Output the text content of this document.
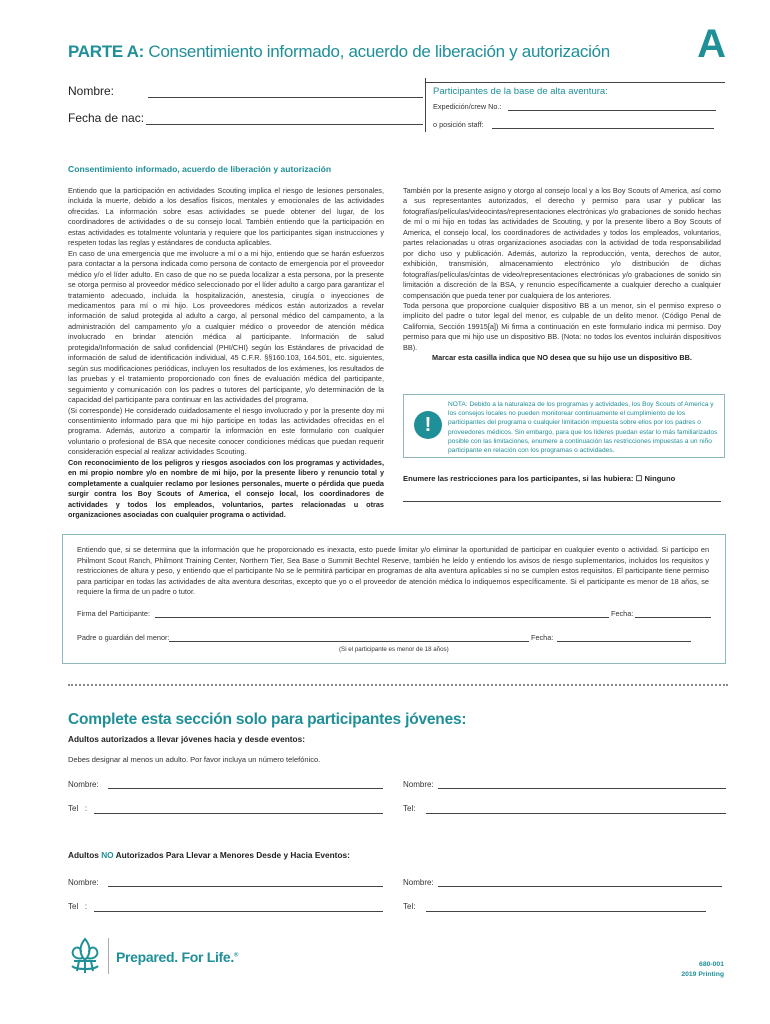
PARTE A: Consentimiento informado, acuerdo de liberación y autorización A
Nombre:
Fecha de nac:
Participantes de la base de alta aventura:
Expedición/crew No.:
o posición staff:
Consentimiento informado, acuerdo de liberación y autorización

Entiendo que la participación en actividades Scouting implica el riesgo de lesiones personales, incluida la muerte, debido a los desafíos físicos, mentales y emocionales de las actividades ofrecidas. La información sobre esas actividades se puede obtener del lugar, de los coordinadores de actividades o de su consejo local. También entiendo que la participación en estas actividades es totalmente voluntaria y requiere que los participantes sigan instrucciones y respeten todas las reglas y estándares de conducta aplicables.

En caso de una emergencia que me involucre a mí o a mi hijo, entiendo que se harán esfuerzos para contactar a la persona indicada como persona de contacto de emergencia por el proveedor médico y/o el líder adulto. En caso de que no se pueda localizar a esta persona, por la presente se otorga permiso al proveedor médico seleccionado por el líder adulto a cargo para garantizar el tratamiento adecuado, incluida la hospitalización, anestesia, cirugía o inyecciones de medicamentos para mí o mi hijo. Los proveedores médicos están autorizados a revelar información de salud protegida al adulto a cargo, al personal médico del campamento, a la administración del campamento y/o a cualquier médico o proveedor de atención médica involucrado en brindar atención médica al participante. Información de salud protegida/Información de salud confidencial (PHI/CHI) según los Estándares de privacidad de información de salud de identificación individual, 45 C.F.R. §§160.103, 164.501, etc. siguientes, según sus modificaciones periódicas, incluyen los resultados de los exámenes, los resultados de las pruebas y el tratamiento proporcionado con fines de evaluación médica del participante, seguimiento y comunicación con los padres o tutores del participante, y/o determinación de la capacidad del participante para continuar en las actividades del programa.

(Si corresponde) He considerado cuidadosamente el riesgo involucrado y por la presente doy mi consentimiento informado para que mi hijo participe en todas las actividades ofrecidas en el programa. Además, autorizo a compartir la información en este formulario con cualquier voluntario o profesional de BSA que necesite conocer condiciones médicas que puedan requerir consideración especial al realizar actividades Scouting.

Con reconocimiento de los peligros y riesgos asociados con los programas y actividades, en mi propio nombre y/o en nombre de mi hijo, por la presente libero y renuncio total y completamente a cualquier reclamo por lesiones personales, muerte o pérdida que pueda surgir contra los Boy Scouts of America, el consejo local, los coordinadores de actividades y todos los empleados, voluntarios, partes relacionadas u otras organizaciones asociadas con cualquier programa o actividad.

También por la presente asigno y otorgo al consejo local y a los Boy Scouts of America, así como a sus representantes autorizados, el derecho y permiso para usar y publicar las fotografías/películas/videocintas/representaciones electrónicas y/o grabaciones de sonido hechas de mí o mi hijo en todas las actividades de Scouting, y por la presente libero a Boy Scouts of America, el consejo local, los coordinadores de actividades y todos los empleados, voluntarios, partes relacionadas u otras organizaciones asociadas con la actividad de toda responsabilidad por dicho uso y publicación. Además, autorizo la reproducción, venta, derechos de autor, exhibición, transmisión, almacenamiento electrónico y/o distribución de dichas fotografías/películas/cintas de video/representaciones electrónicas y/o grabaciones de sonido sin limitación a discreción de la BSA, y renuncio específicamente a cualquier derecho a cualquier compensación que pueda tener por cualquiera de los anteriores.

Toda persona que proporcione cualquier dispositivo BB a un menor, sin el permiso expreso o implícito del padre o tutor legal del menor, es culpable de un delito menor. (Código Penal de California, Sección 19915[a]) Mi firma a continuación en este formulario indica mi permiso. Doy permiso para que mi hijo use un dispositivo BB. (Nota: no todos los eventos incluirán dispositivos BB).

Marcar esta casilla indica que NO desea que su hijo use un dispositivo BB.

!
NOTA: Debido a la naturaleza de los programas y actividades, los Boy Scouts of America y los consejos locales no pueden monitorear continuamente el cumplimiento de los participantes del programa o cualquier limitación impuesta sobre ellos por los padres o proveedores médicos. Sin embargo, para que los líderes puedan estar lo más familiarizados posible con las limitaciones, enumere a continuación las restricciones impuestas a un niño participante en relación con los programas o actividades.
Enumere las restricciones para los participantes, si las hubiera: ☐ Ninguno
Entiendo que, si se determina que la información que he proporcionado es inexacta, esto puede limitar y/o eliminar la oportunidad de participar en cualquier evento o actividad. Si participo en Philmont Scout Ranch, Philmont Training Center, Northern Tier, Sea Base o Summit Bechtel Reserve, también he leído y entiendo los avisos de riesgo suplementarios, incluidos los requisitos y restricciones de altura y peso, y entiendo que el participante No se le permitirá participar en programas de alta aventura aplicables si no se cumplen estos requisitos. El participante tiene permiso para participar en todas las actividades de alta aventura descritas, excepto que yo o el proveedor de atención médica lo indiquemos específicamente. Si el participante es menor de 18 años, se requiere la firma de un padre o tutor.
Firma del Participante:	Fecha:
Padre o guardián del menor:	Fecha:
(Si el participante es menor de 18 años)
Complete esta sección solo para participantes jóvenes:
Adultos autorizados a llevar jóvenes hacia y desde eventos:
Debes designar al menos un adulto. Por favor incluya un número telefónico.
Nombre:	Nombre:
Tel :	Tel:
Adultos NO Autorizados Para Llevar a Menores Desde y Hacia Eventos:
Nombre:	Nombre:
Tel :	Tel:
Prepared. For Life.®
680-001
2019 Printing
